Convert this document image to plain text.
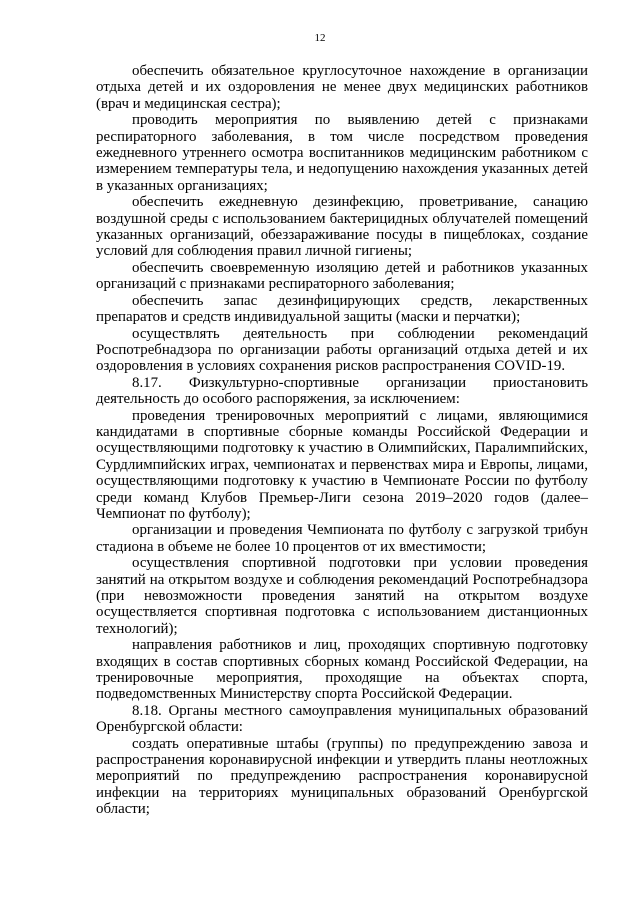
12

обеспечить обязательное круглосуточное нахождение в организации отдыха детей и их оздоровления не менее двух медицинских работников (врач и медицинская сестра);

проводить мероприятия по выявлению детей с признаками респираторного заболевания, в том числе посредством проведения ежедневного утреннего осмотра воспитанников медицинским работником с измерением температуры тела, и недопущению нахождения указанных детей в указанных организациях;

обеспечить ежедневную дезинфекцию, проветривание, санацию воздушной среды с использованием бактерицидных облучателей помещений указанных организаций, обеззараживание посуды в пищеблоках, создание условий для соблюдения правил личной гигиены;

обеспечить своевременную изоляцию детей и работников указанных организаций с признаками респираторного заболевания;

обеспечить запас дезинфицирующих средств, лекарственных препаратов и средств индивидуальной защиты (маски и перчатки);

осуществлять деятельность при соблюдении рекомендаций Роспотребнадзора по организации работы организаций отдыха детей и их оздоровления в условиях сохранения рисков распространения COVID-19.

8.17. Физкультурно-спортивные организации приостановить деятельность до особого распоряжения, за исключением:

проведения тренировочных мероприятий с лицами, являющимися кандидатами в спортивные сборные команды Российской Федерации и осуществляющими подготовку к участию в Олимпийских, Паралимпийских, Сурдлимпийских играх, чемпионатах и первенствах мира и Европы, лицами, осуществляющими подготовку к участию в Чемпионате России по футболу среди команд Клубов Премьер-Лиги сезона 2019–2020 годов (далее– Чемпионат по футболу);

организации и проведения Чемпионата по футболу с загрузкой трибун стадиона в объеме не более 10 процентов от их вместимости;

осуществления спортивной подготовки при условии проведения занятий на открытом воздухе и соблюдения рекомендаций Роспотребнадзора (при невозможности проведения занятий на открытом воздухе осуществляется спортивная подготовка с использованием дистанционных технологий);

направления работников и лиц, проходящих спортивную подготовку входящих в состав спортивных сборных команд Российской Федерации, на тренировочные мероприятия, проходящие на объектах спорта, подведомственных Министерству спорта Российской Федерации.

8.18. Органы местного самоуправления муниципальных образований Оренбургской области:

создать оперативные штабы (группы) по предупреждению завоза и распространения коронавирусной инфекции и утвердить планы неотложных мероприятий по предупреждению распространения коронавирусной инфекции на территориях муниципальных образований Оренбургской области;
